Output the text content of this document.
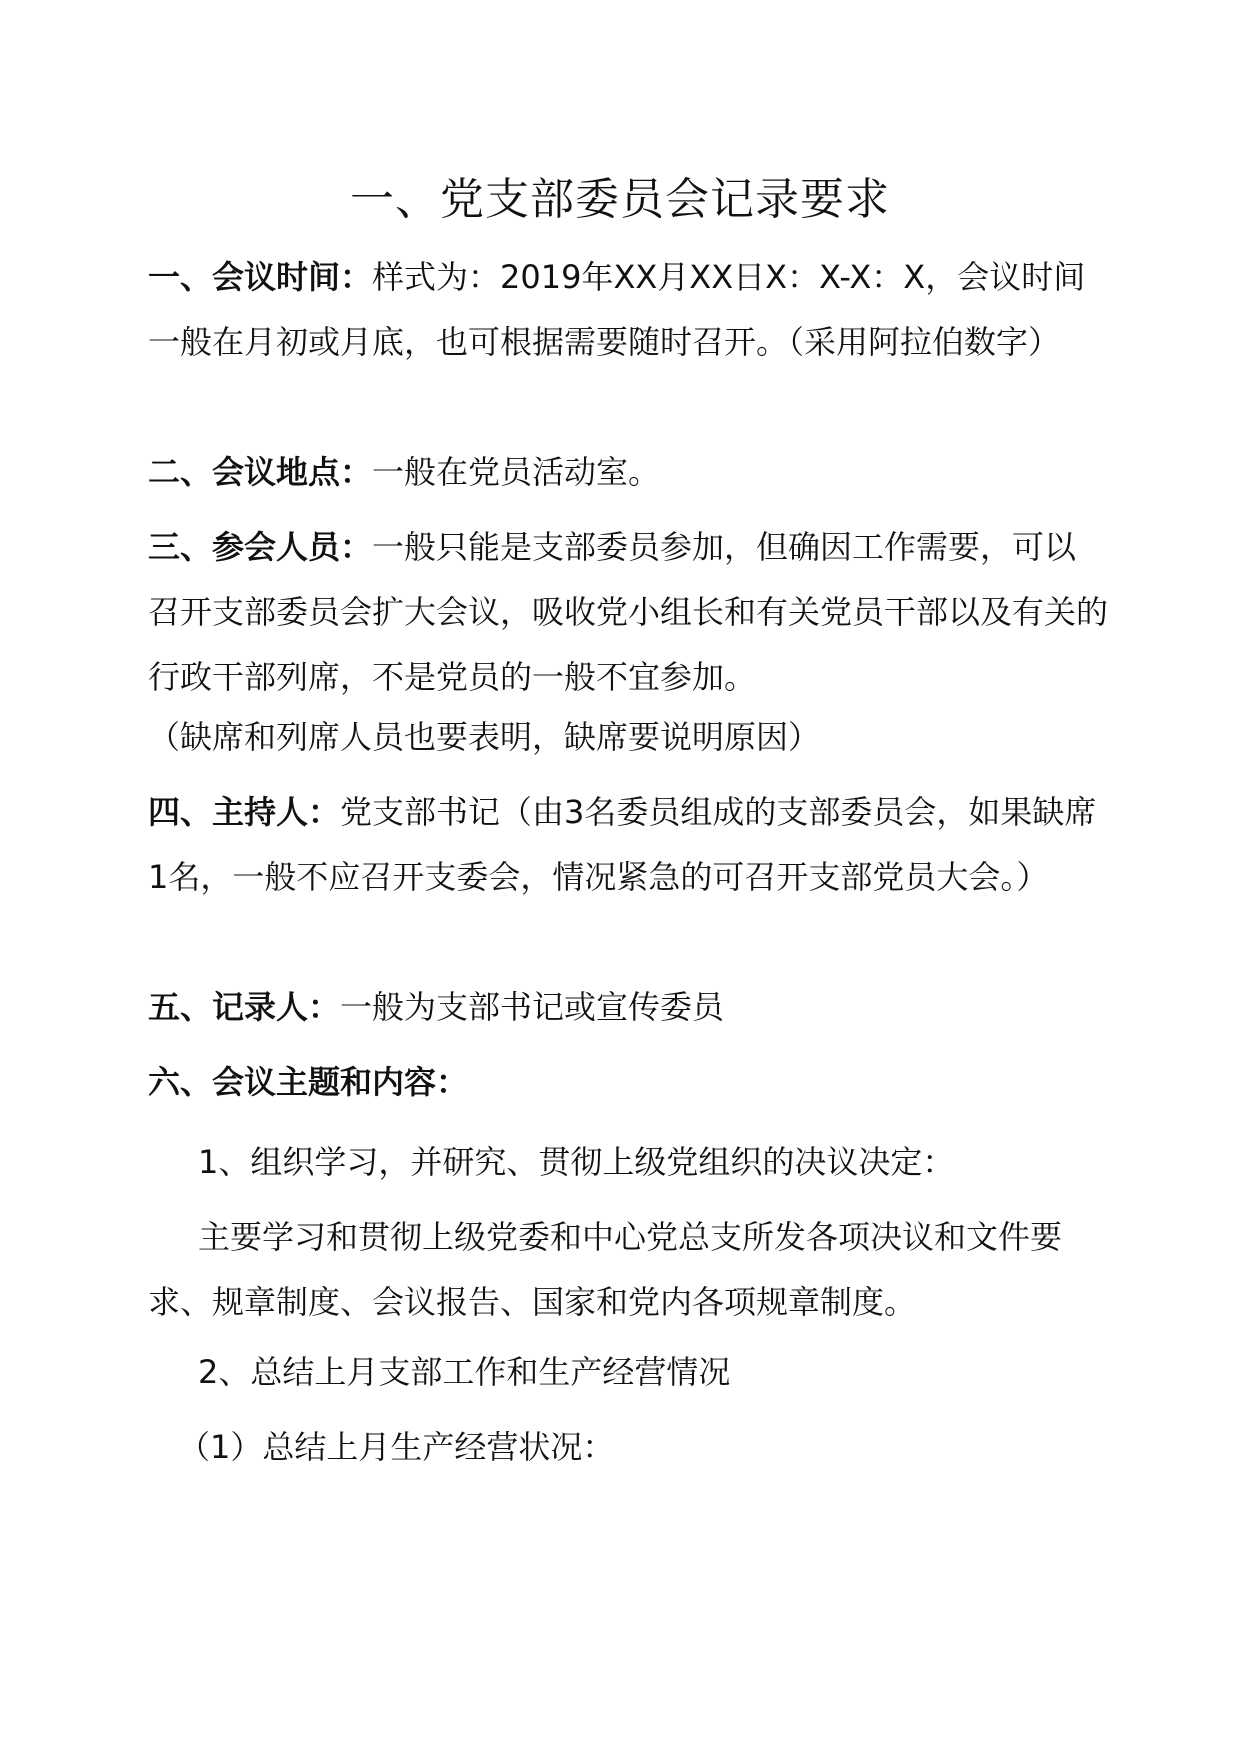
一、党支部委员会记录要求
一、会议时间：样式为：2019年XX月XX日X：X-X：X，会议时间一般在月初或月底，也可根据需要随时召开。（采用阿拉伯数字）
二、会议地点：一般在党员活动室。
三、参会人员：一般只能是支部委员参加，但确因工作需要，可以召开支部委员会扩大会议，吸收党小组长和有关党员干部以及有关的行政干部列席，不是党员的一般不宜参加。
（缺席和列席人员也要表明，缺席要说明原因）
四、主持人：党支部书记（由3名委员组成的支部委员会，如果缺席1名，一般不应召开支委会，情况紧急的可召开支部党员大会。）
五、记录人：一般为支部书记或宣传委员
六、会议主题和内容：
1、组织学习，并研究、贯彻上级党组织的决议决定：
主要学习和贯彻上级党委和中心党总支所发各项决议和文件要求、规章制度、会议报告、国家和党内各项规章制度。
2、总结上月支部工作和生产经营情况
（1）总结上月生产经营状况：
